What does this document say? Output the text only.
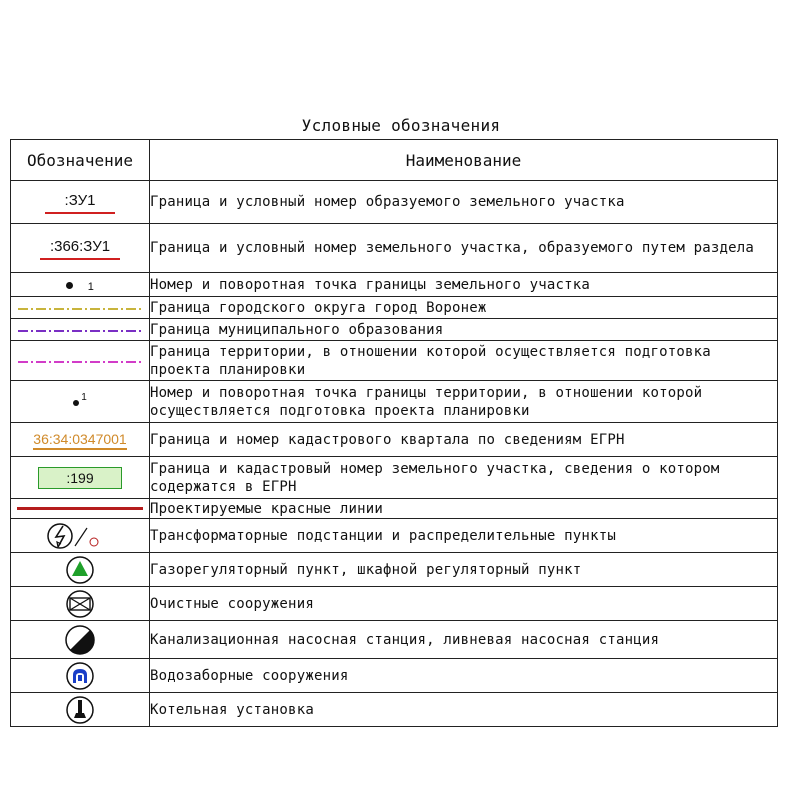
Условные обозначения
Обозначение	Наименование
:ЗУ1	Граница и условный номер образуемого земельного участка
:366:ЗУ1	Граница и условный номер земельного участка, образуемого путем раздела
1	Номер и поворотная точка границы земельного участка
	Граница городского округа город Воронеж
	Граница муниципального образования
	Граница территории, в отношении которой осуществляется подготовка проекта планировки
$^1$	Номер и поворотная точка границы территории, в отношении которой осуществляется подготовка проекта планировки
36:34:0347001	Граница и номер кадастрового квартала по сведениям ЕГРН
:199	Граница и кадастровый номер земельного участка, сведения о котором содержатся в ЕГРН

	Проектируемые красные линии
	Трансформаторные подстанции и распределительные пункты
	Газорегуляторный пункт, шкафной регуляторный пункт
	Очистные сооружения
	Канализационная насосная станция, ливневая насосная станция
	Водозаборные сооружения
	Котельная установка
